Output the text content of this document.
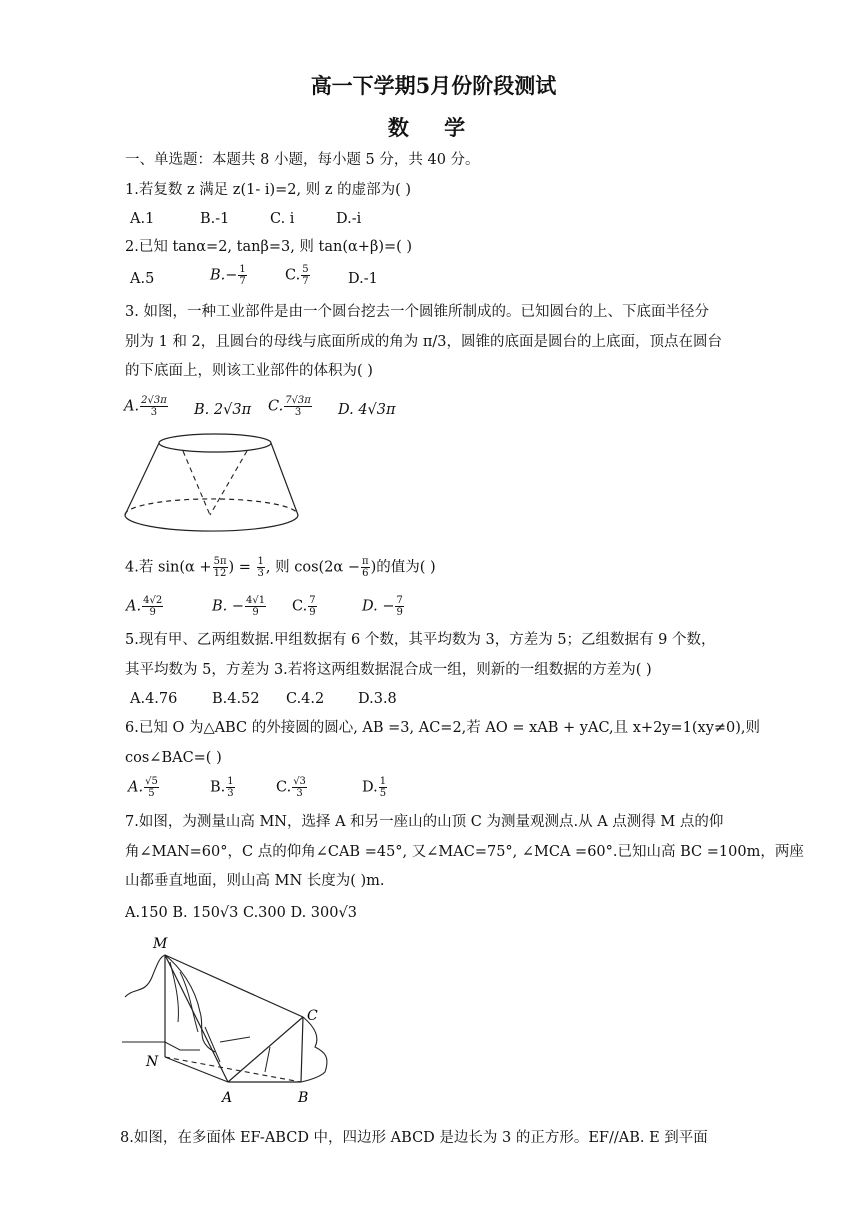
高一下学期5月份阶段测试
数 学
一、单选题：本题共 8 小题，每小题 5 分，共 40 分。
1.若复数 z 满足 z(1- i)=2, 则 z 的虚部为( )
A.1	B.-1	C. i	D.-i
2.已知 tanα=2, tanβ=3, 则 tan(α+β)=( )
A.5	$B.- \frac{1}{7}$	C. $\frac{5}{7}$	D.-1
3. 如图，一种工业部件是由一个圆台挖去一个圆锥所制成的。已知圆台的上、下底面半径分
别为 1 和 2，且圆台的母线与底面所成的角为 π/3，圆锥的底面是圆台的上底面，顶点在圆台
的下底面上，则该工业部件的体积为( )
A. $\frac{2√3\pi}{3} B$. 2√3π C. $\frac{7√3\pi}{3} D$. 4√3π
4.若 $\sin(\alpha + \frac{5\pi}{12}$ ) = $\frac{1}{3}$ , 则 $\cos(2\alpha - \frac{\pi}{6}$ )的值为( )
A. $\frac{4√2}{9}$	B. − $\frac{4√1}{9} C$. $\frac{7}{9}$	D. − $\frac{7}{9}$
5.现有甲、乙两组数据.甲组数据有 6 个数，其平均数为 3，方差为 5；乙组数据有 9 个数，
其平均数为 5，方差为 3.若将这两组数据混合成一组，则新的一组数据的方差为( )
A.4.76 B.4.52 C.4.2 D.3.8
6.已知 O 为△ABC 的外接圆的圆心, AB =3, AC=2,若 AO = xAB + yAC,且 x+2y=1(xy≠0),则
cos∠BAC=( )
A. $\frac{√5}{5}$	B. $\frac{1}{3}$	C. $\frac{√3}{3}$	D. $\frac{1}{5}$
7.如图，为测量山高 MN，选择 A 和另一座山的山顶 C 为测量观测点.从 A 点测得 M 点的仰
角∠MAN=60°，C 点的仰角∠CAB =45°, 又∠MAC=75°, ∠MCA =60°.已知山高 BC =100m，两座
山都垂直地面，则山高 MN 长度为( )m.
A.150 B. 150√3 C.300 D. 300√3
M
N
A	B
C
8.如图，在多面体 EF-ABCD 中，四边形 ABCD 是边长为 3 的正方形。EF//AB. E 到平面
